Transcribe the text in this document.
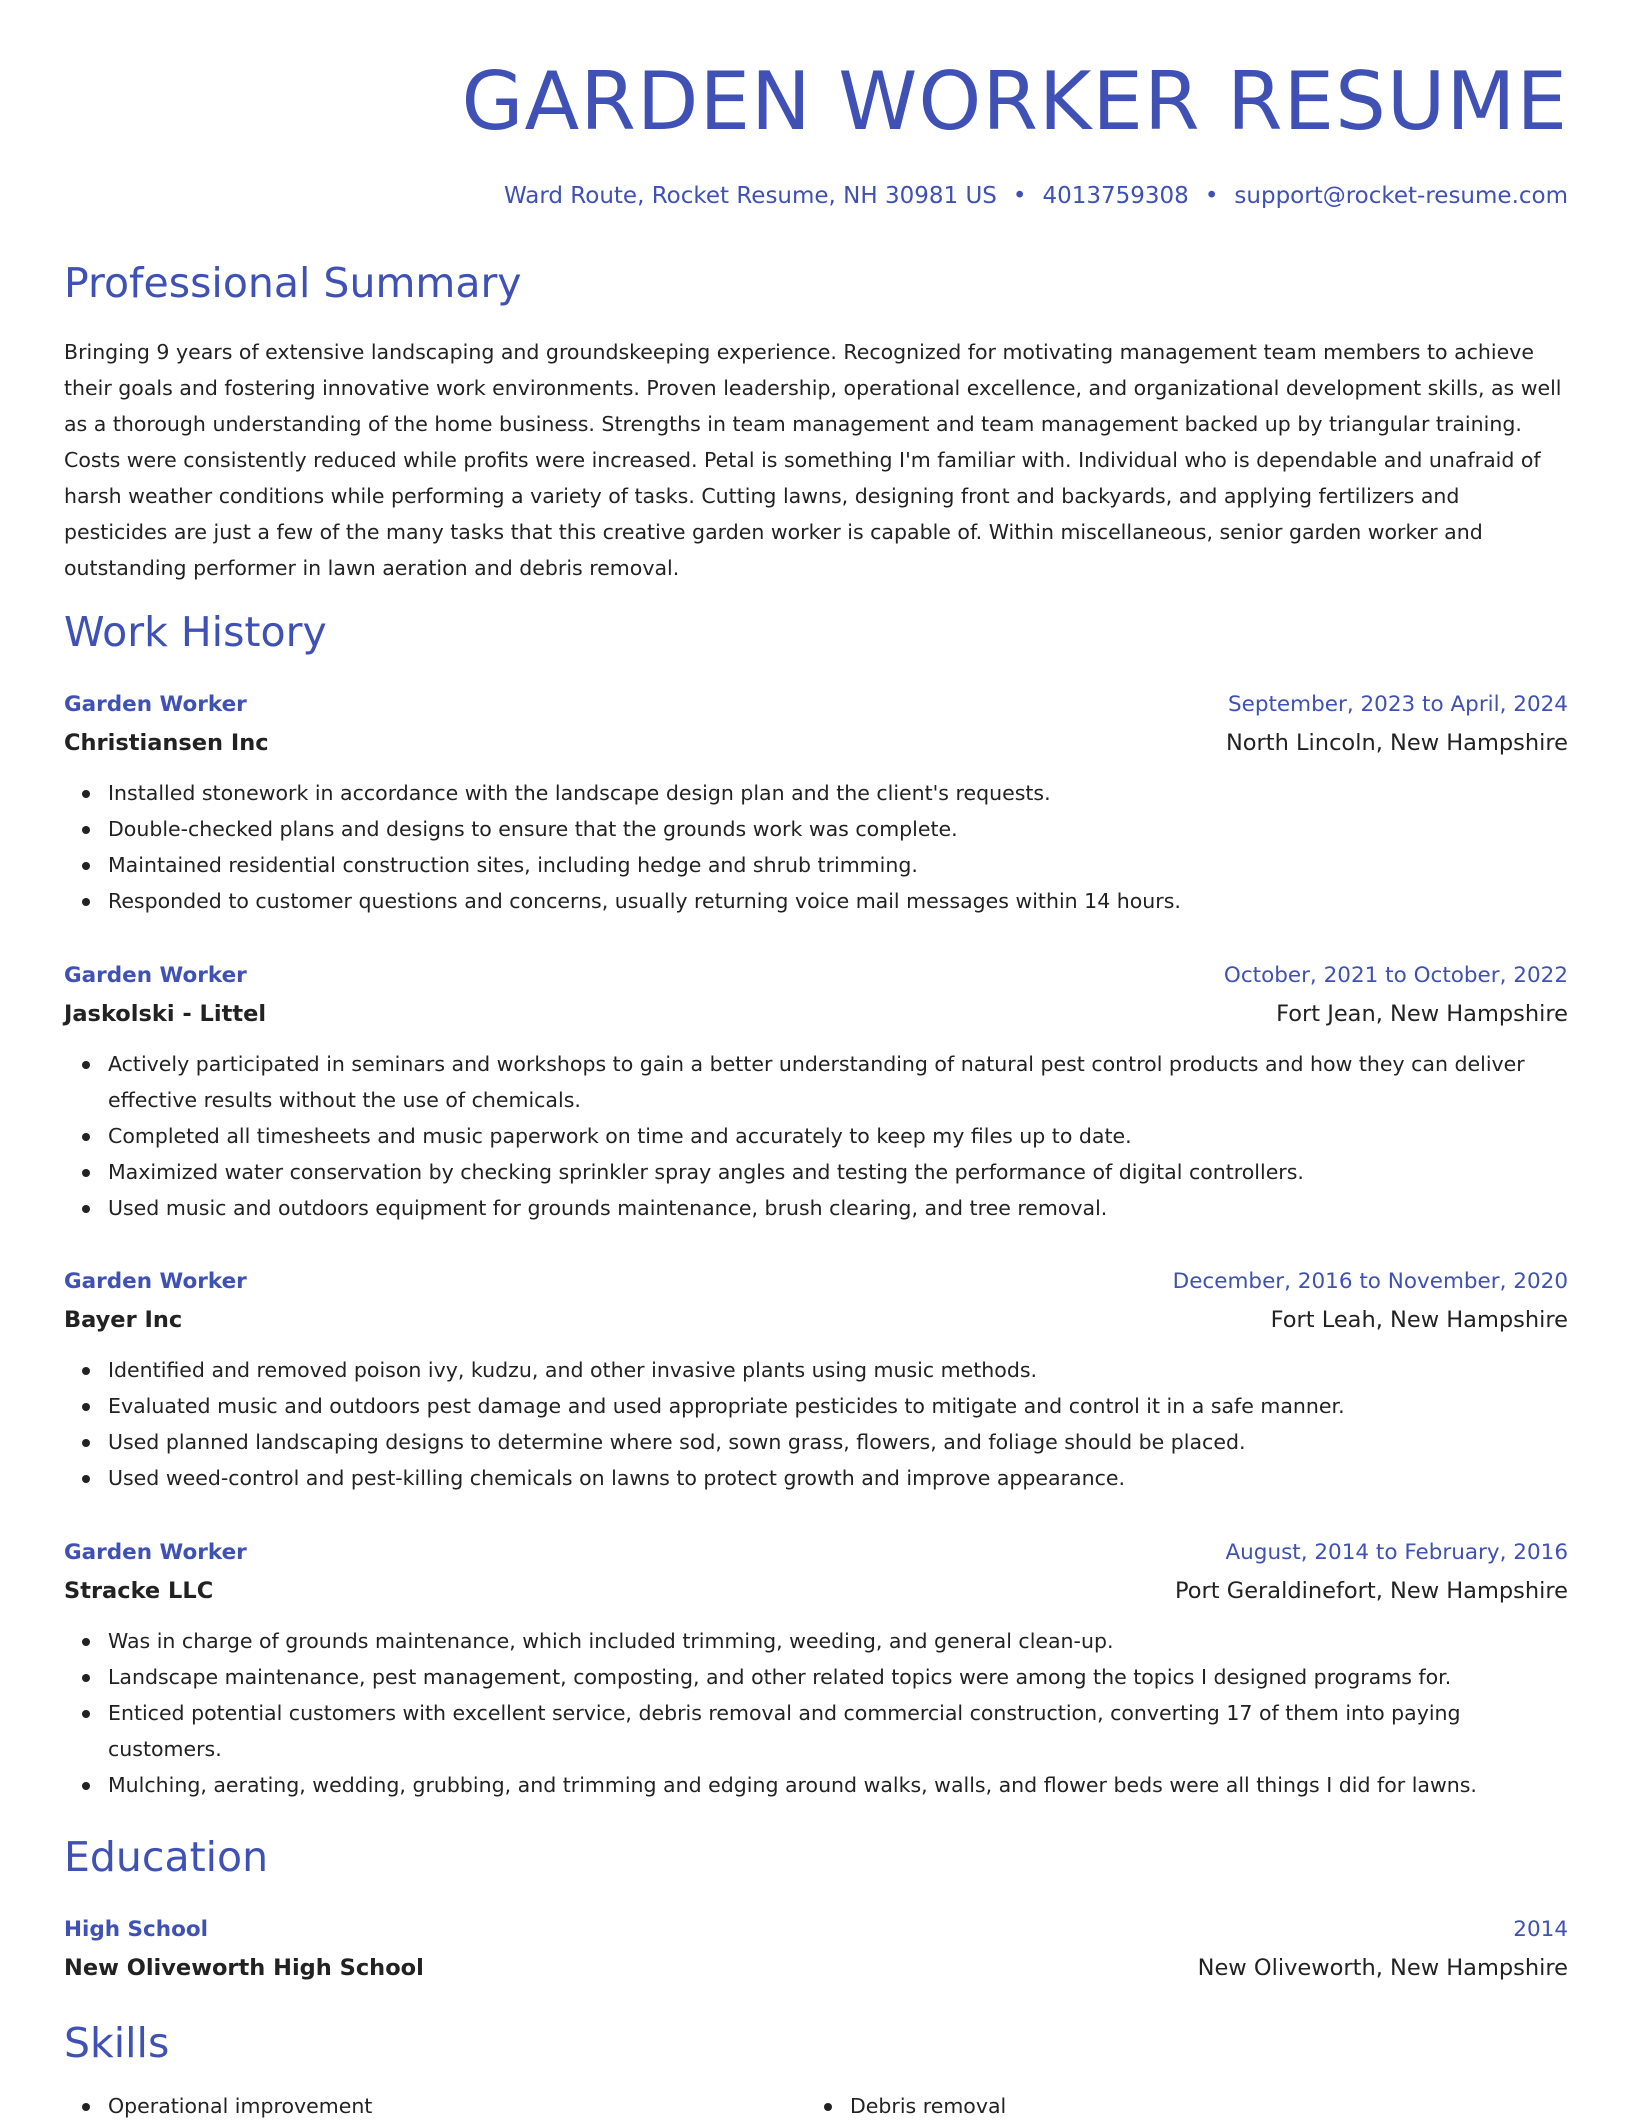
GARDEN WORKER RESUME
Ward Route, Rocket Resume, NH 30981 US • 4013759308 • support@rocket-resume.com
Professional Summary

Bringing 9 years of extensive landscaping and groundskeeping experience. Recognized for motivating management team members to achieve their goals and fostering innovative work environments. Proven leadership, operational excellence, and organizational development skills, as well as a thorough understanding of the home business. Strengths in team management and team management backed up by triangular training. Costs were consistently reduced while profits were increased. Petal is something I'm familiar with. Individual who is dependable and unafraid of harsh weather conditions while performing a variety of tasks. Cutting lawns, designing front and backyards, and applying fertilizers and pesticides are just a few of the many tasks that this creative garden worker is capable of. Within miscellaneous, senior garden worker and outstanding performer in lawn aeration and debris removal.

Work History
Garden Worker	September, 2023 to April, 2024
Christiansen Inc	North Lincoln, New Hampshire
Installed stonework in accordance with the landscape design plan and the client's requests.
Double-checked plans and designs to ensure that the grounds work was complete.
Maintained residential construction sites, including hedge and shrub trimming.
Responded to customer questions and concerns, usually returning voice mail messages within 14 hours.
Garden Worker	October, 2021 to October, 2022
Jaskolski - Littel	Fort Jean, New Hampshire
Actively participated in seminars and workshops to gain a better understanding of natural pest control products and how they can deliver effective results without the use of chemicals.
Completed all timesheets and music paperwork on time and accurately to keep my files up to date.
Maximized water conservation by checking sprinkler spray angles and testing the performance of digital controllers.
Used music and outdoors equipment for grounds maintenance, brush clearing, and tree removal.
Garden Worker	December, 2016 to November, 2020
Bayer Inc	Fort Leah, New Hampshire
Identified and removed poison ivy, kudzu, and other invasive plants using music methods.
Evaluated music and outdoors pest damage and used appropriate pesticides to mitigate and control it in a safe manner.
Used planned landscaping designs to determine where sod, sown grass, flowers, and foliage should be placed.
Used weed-control and pest-killing chemicals on lawns to protect growth and improve appearance.
Garden Worker	August, 2014 to February, 2016
Stracke LLC	Port Geraldinefort, New Hampshire
Was in charge of grounds maintenance, which included trimming, weeding, and general clean-up.
Landscape maintenance, pest management, composting, and other related topics were among the topics I designed programs for.
Enticed potential customers with excellent service, debris removal and commercial construction, converting 17 of them into paying customers.
Mulching, aerating, wedding, grubbing, and trimming and edging around walks, walls, and flower beds were all things I did for lawns.
Education
High School	2014
New Oliveworth High School	New Oliveworth, New Hampshire
Skills
Operational improvement	Debris removal
